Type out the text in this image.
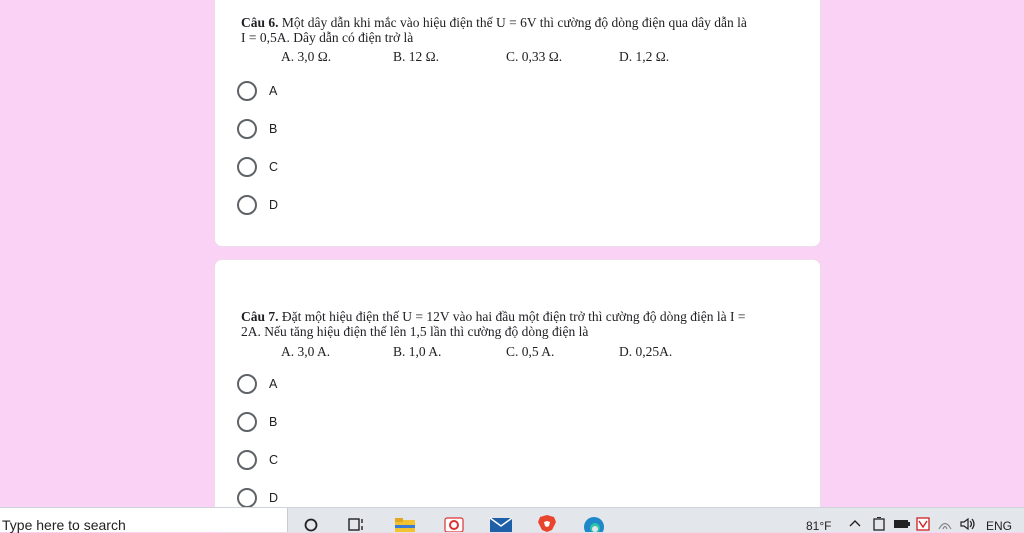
Câu 6. Một dây dẫn khi mắc vào hiệu điện thế U = 6V thì cường độ dòng điện qua dây dẫn là
I = 0,5A. Dây dẫn có điện trở là
A. 3,0 Ω.	B. 12 Ω.	C. 0,33 Ω.	D. 1,2 Ω.
A
B
C
D
Câu 7. Đặt một hiệu điện thế U = 12V vào hai đầu một điện trở thì cường độ dòng điện là I =
2A. Nếu tăng hiệu điện thế lên 1,5 lần thì cường độ dòng điện là
A. 3,0 A.	B. 1,0 A.	C. 0,5 A.	D. 0,25A.
A
B
C
D
Type here to search	81°F	ENG
